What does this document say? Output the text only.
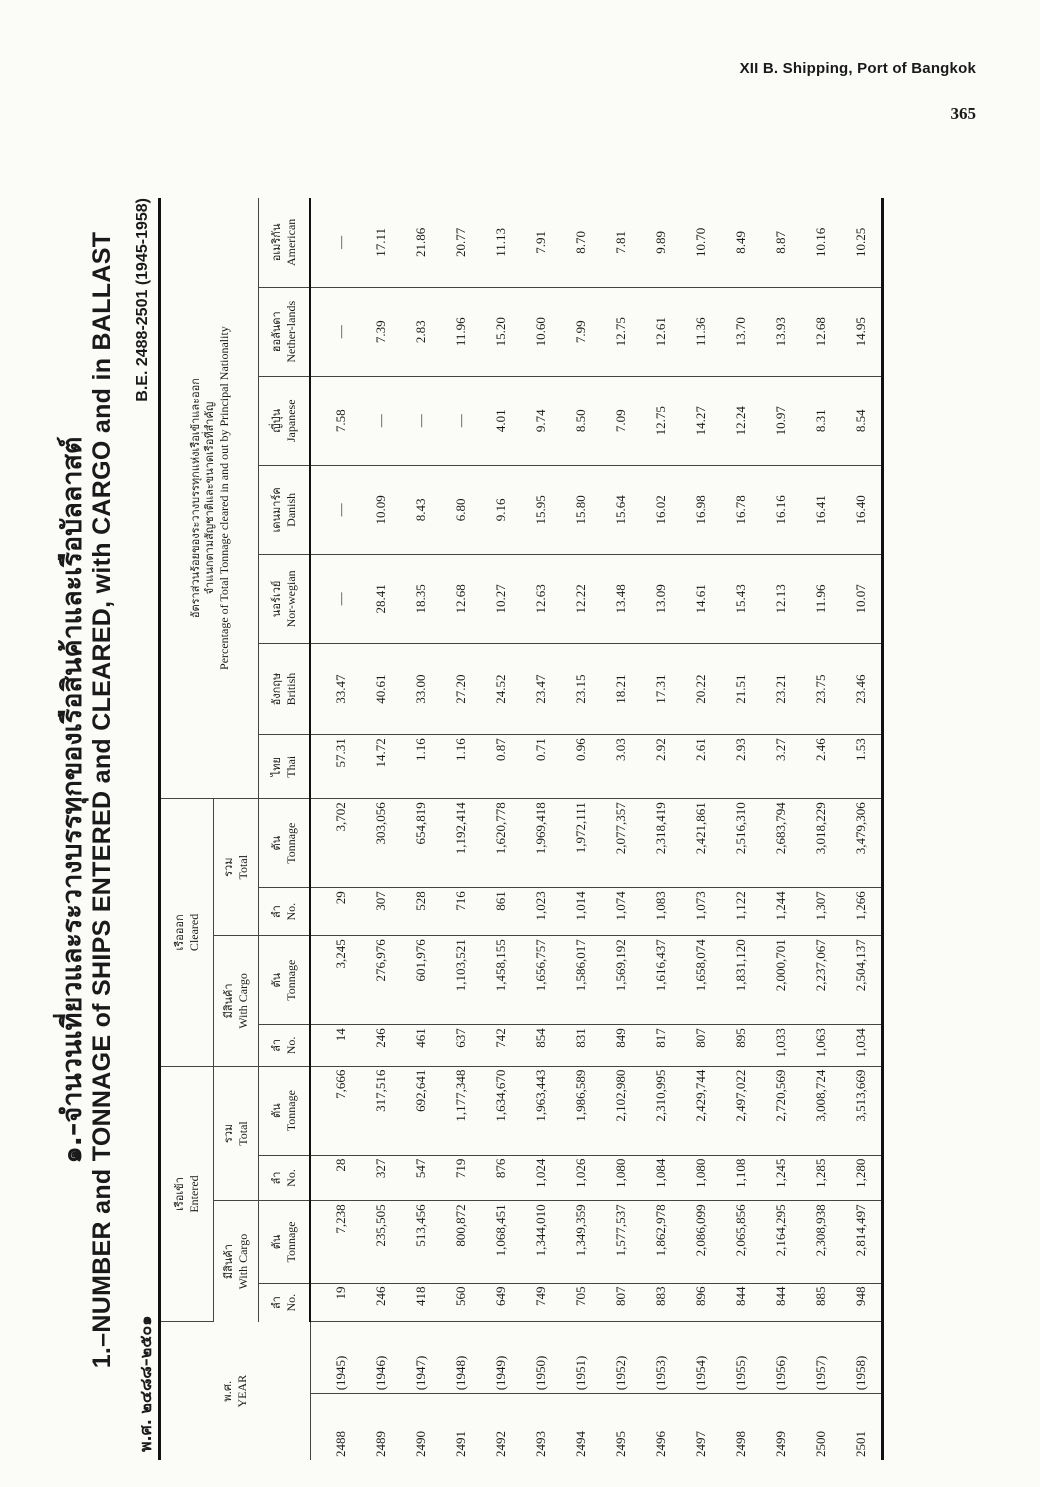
XII B. Shipping, Port of Bangkok
365
๑.–จำนวนเที่ยวและระวางบรรทุกของเรือสินค้าและเรือบัลลาสต์ 1.–NUMBER and TONNAGE of SHIPS ENTERED and CLEARED, with CARGO and in BALLAST
พ.ศ. ๒๔๘๘–๒๕๐๑
B.E. 2488-2501 (1945-1958)
พ.ศ. YEAR		เรือเข้า Entered				เรือออก Cleared				อัตราส่วนร้อยของระวางบรรทุกแห่งเรือเข้าและออก จำแนกตามสัญชาติและขนาดเรือที่สำคัญ Percentage of Total Tonnage cleared in and out by Principal Nationality						

		มีสินค้า With Cargo		รวม Total		มีสินค้า With Cargo		รวม Total								

		ลำ No.	ตัน Tonnage	ลำ No.	ตัน Tonnage	ลำ No.	ตัน Tonnage	ลำ No.	ตัน Tonnage	ไทย Thai	อังกฤษ British	นอร์เวย์ Nor-wegian	เดนมาร์ค Danish	ญี่ปุ่น Japanese	ฮอลันดา Nether-lands	อเมริกัน American
2488	(1945)	19	7,238	28	7,666	14	3,245	29	3,702	57.31	33.47	—	—	7.58	—	—
2489	(1946)	246	235,505	327	317,516	246	276,976	307	303,056	14.72	40.61	28.41	10.09	—	7.39	17.11
2490	(1947)	418	513,456	547	692,641	461	601,976	528	654,819	1.16	33.00	18.35	8.43	—	2.83	21.86
2491	(1948)	560	800,872	719	1,177,348	637	1,103,521	716	1,192,414	1.16	27.20	12.68	6.80	—	11.96	20.77
2492	(1949)	649	1,068,451	876	1,634,670	742	1,458,155	861	1,620,778	0.87	24.52	10.27	9.16	4.01	15.20	11.13
2493	(1950)	749	1,344,010	1,024	1,963,443	854	1,656,757	1,023	1,969,418	0.71	23.47	12.63	15.95	9.74	10.60	7.91
2494	(1951)	705	1,349,359	1,026	1,986,589	831	1,586,017	1,014	1,972,111	0.96	23.15	12.22	15.80	8.50	7.99	8.70
2495	(1952)	807	1,577,537	1,080	2,102,980	849	1,569,192	1,074	2,077,357	3.03	18.21	13.48	15.64	7.09	12.75	7.81
2496	(1953)	883	1,862,978	1,084	2,310,995	817	1,616,437	1,083	2,318,419	2.92	17.31	13.09	16.02	12.75	12.61	9.89
2497	(1954)	896	2,086,099	1,080	2,429,744	807	1,658,074	1,073	2,421,861	2.61	20.22	14.61	16.98	14.27	11.36	10.70
2498	(1955)	844	2,065,856	1,108	2,497,022	895	1,831,120	1,122	2,516,310	2.93	21.51	15.43	16.78	12.24	13.70	8.49
2499	(1956)	844	2,164,295	1,245	2,720,569	1,033	2,000,701	1,244	2,683,794	3.27	23.21	12.13	16.16	10.97	13.93	8.87
2500	(1957)	885	2,308,938	1,285	3,008,724	1,063	2,237,067	1,307	3,018,229	2.46	23.75	11.96	16.41	8.31	12.68	10.16
2501	(1958)	948	2,814,497	1,280	3,513,669	1,034	2,504,137	1,266	3,479,306	1.53	23.46	10.07	16.40	8.54	14.95	10.25
